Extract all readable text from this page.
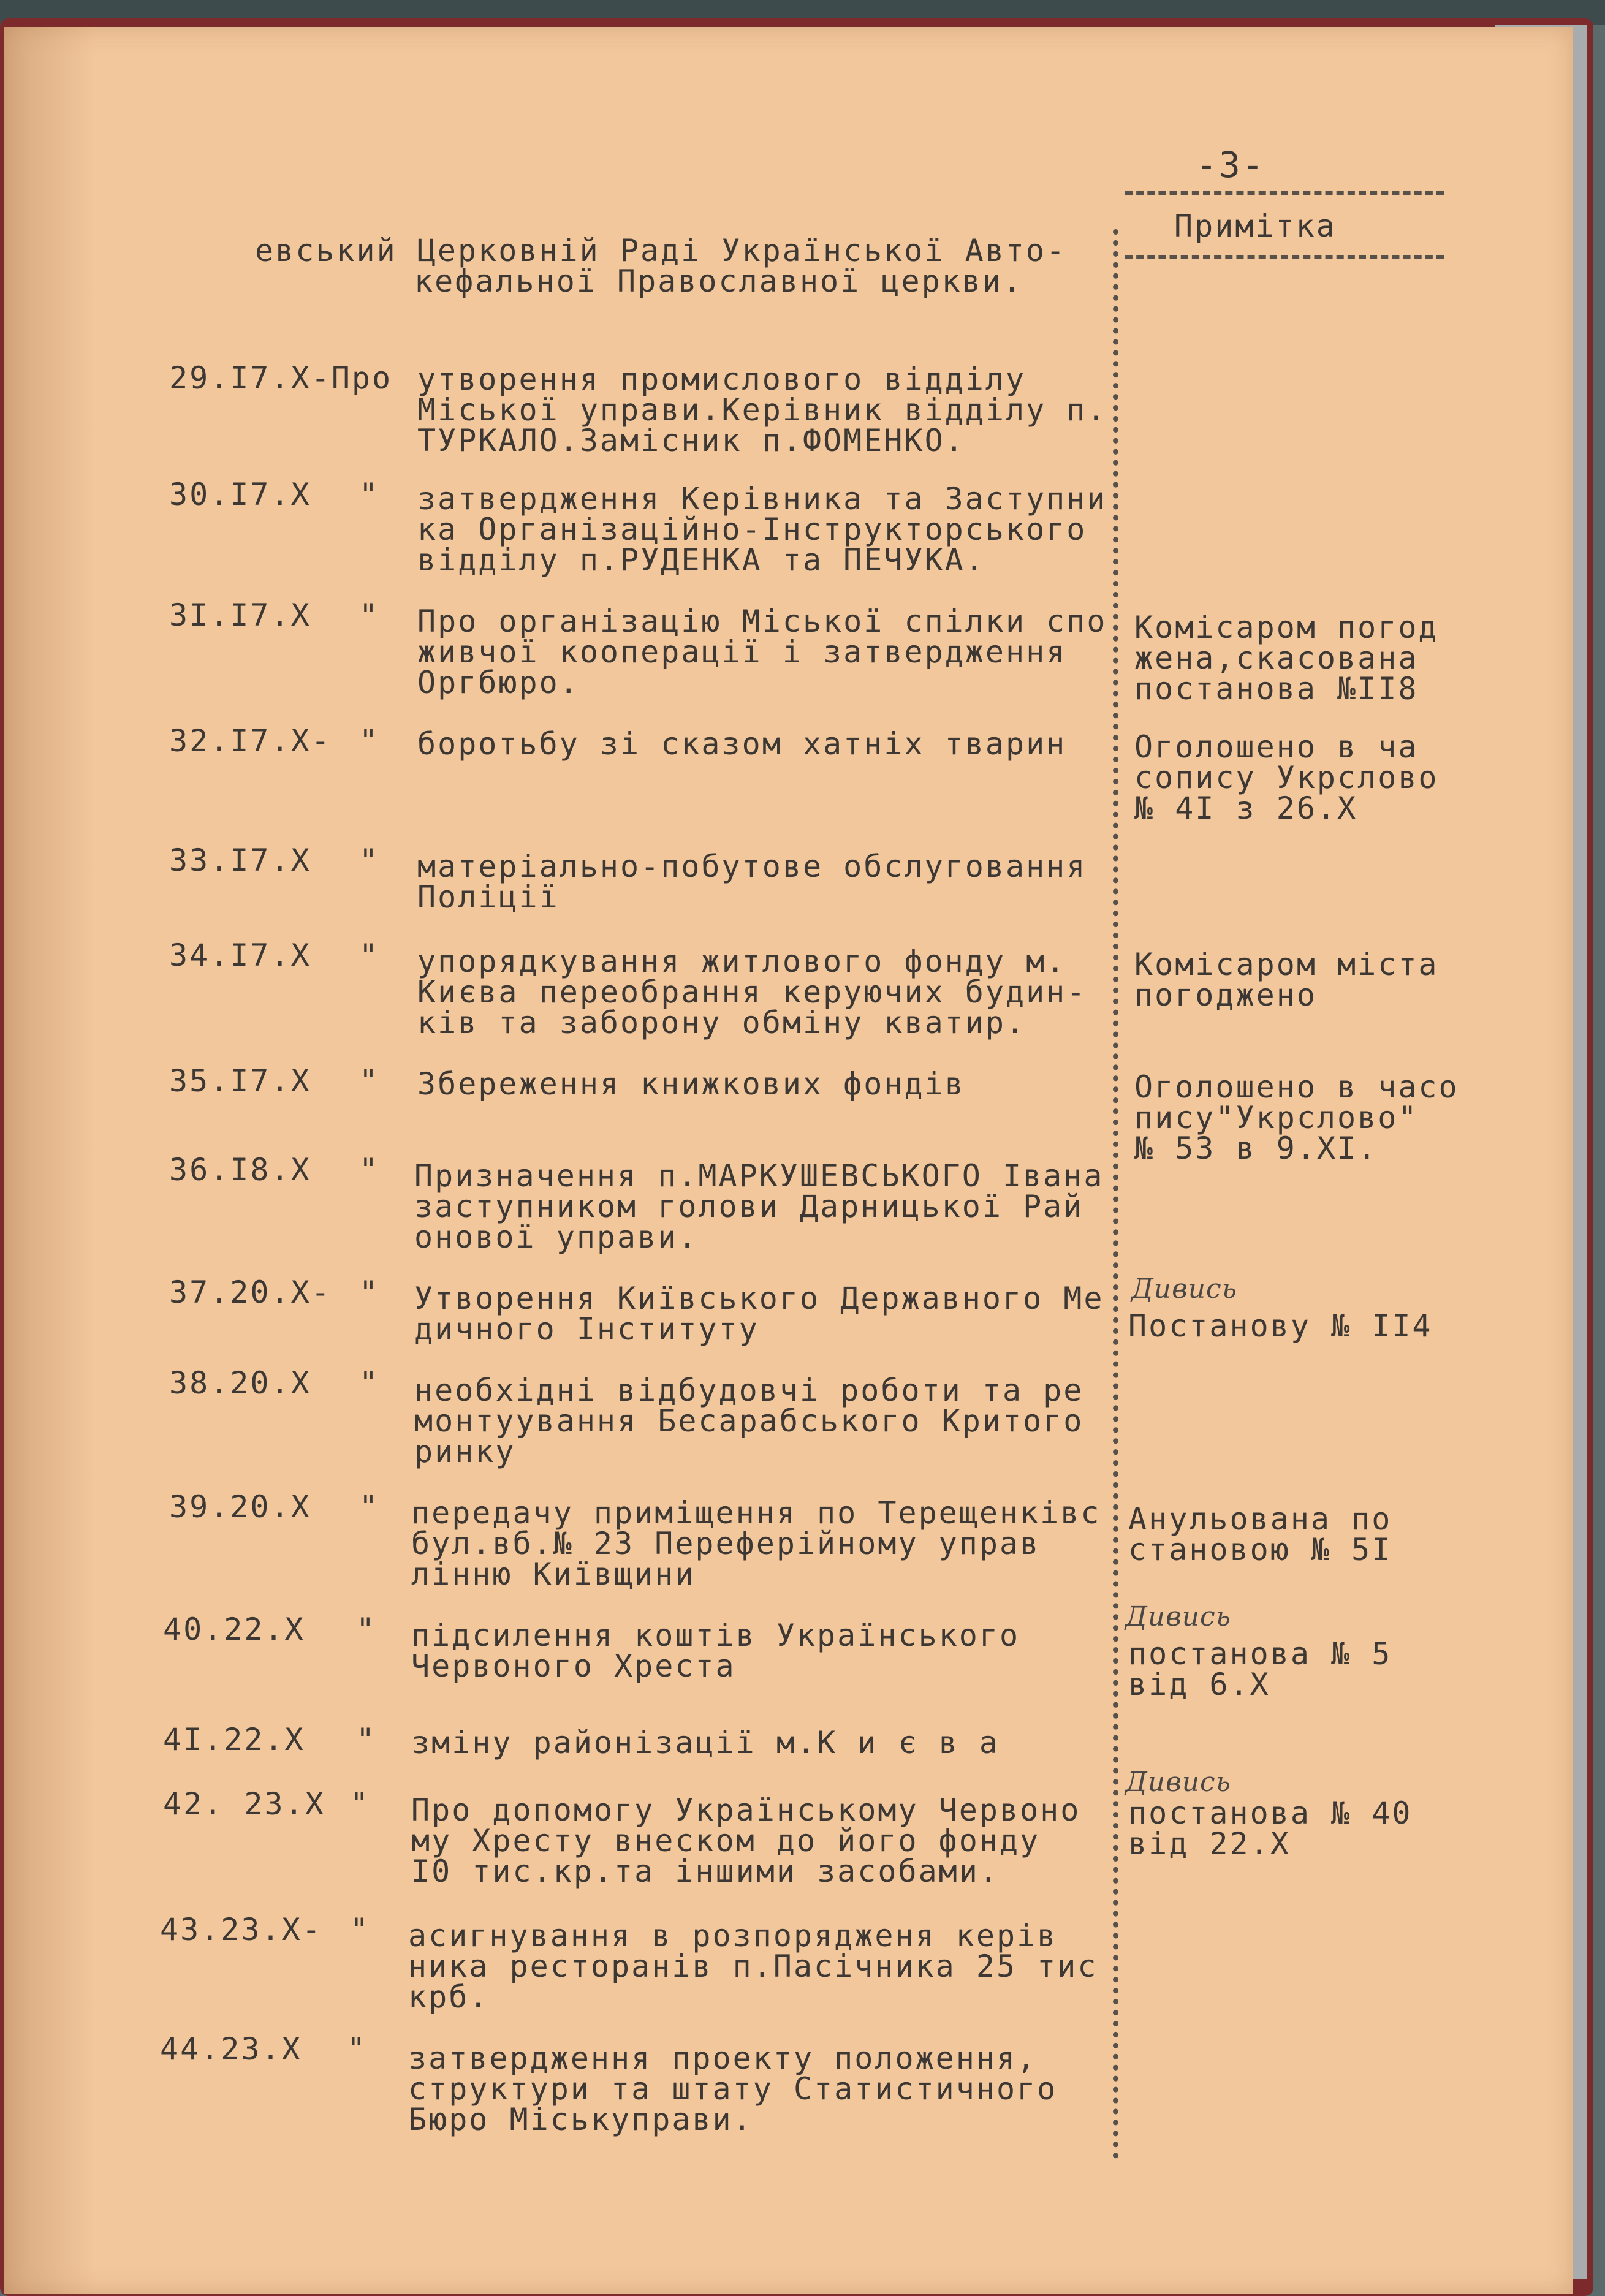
-3-
Примітка
евський Церковній Раді Української Авто-
кефальної Православної церкви.
29.I7.X-Про утворення промислового відділу
Міської управи.Керівник відділу п.
ТУРКАЛО.Замісник п.ФОМЕНКО.
30.I7.X " затвердження Керівника та Заступни
ка Організаційно-Інструкторського
відділу п.РУДЕНКА та ПЕЧУКА.
3I.I7.X " Про організацію Міської спілки спо
живчої кооперації і затвердження
Оргбюро.
Комісаром погод
жена,скасована
постанова №II8
32.I7.X- " боротьбу зі сказом хатніх тварин Оголошено в ча
сопису Укрслово
№ 4I з 26.X
33.I7.X " матеріально-побутове обслуговання
Поліції
34.I7.X " упорядкування житлового фонду м.
Києва переобрання керуючих будин-
ків та заборону обміну кватир.
Комісаром міста
погоджено
35.I7.X " Збереження книжкових фондів	Оголошено в часо
пису"Укрслово"
№ 53 в 9.XI.
36.I8.X " Призначення п.МАРКУШЕВСЬКОГО Івана
заступником голови Дарницької Рай
онової управи.
37.20.X- " Утворення Київського Державного Ме
дичного Інституту
Дивись
Постанову № II4
38.20.X " необхідні відбудовчі роботи та ре
монтуування Бесарабського Критого
ринку
39.20.X " передачу приміщення по Терещенківс
бул.вб.№ 23 Переферійному управ
лінню Київщини
Анульована по
становою № 5I
40.22.X " підсилення коштів Українського
Червоного Хреста
Дивись
постанова № 5
від 6.X
4I.22.X " зміну районізації м.К и є в а
42. 23.X " Про допомогу Українському Червоно
му Хресту внеском до його фонду
I0 тис.кр.та іншими засобами.
Дивись
постанова № 40
від 22.X
43.23.X- " асигнування в розпорядженя керів
ника ресторанів п.Пасічника 25 тис
крб.
44.23.X " затвердження проекту положення,
структури та штату Статистичного
Бюро Міськуправи.
